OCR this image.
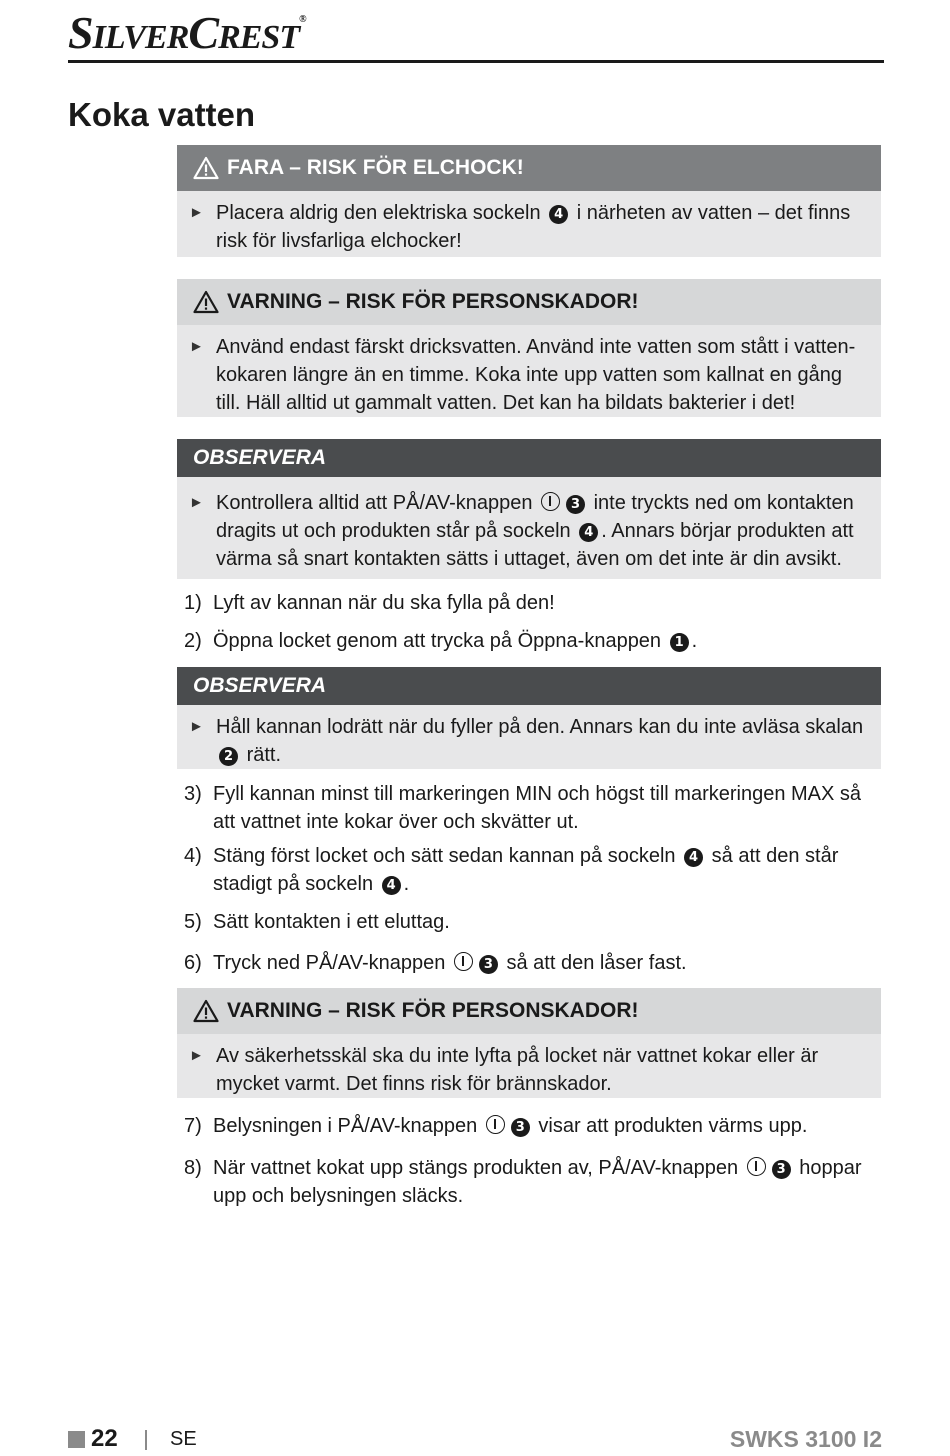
SILVERCREST®
Koka vatten
FARA – RISK FÖR ELCHOCK!
► Placera aldrig den elektriska sockeln 4 i närheten av vatten – det finns risk för livsfarliga elchocker!
VARNING – RISK FÖR PERSONSKADOR!
► Använd endast färskt dricksvatten. Använd inte vatten som stått i vattenkokaren längre än en timme. Koka inte upp vatten som kallnat en gång till. Häll alltid ut gammalt vatten. Det kan ha bildats bakterier i det!
OBSERVERA
► Kontrollera alltid att PÅ/AV-knappen	3 inte tryckts ned om kontakten dragits ut och produkten står på sockeln 4 . Annars börjar produkten att värma så snart kontakten sätts i uttaget, även om det inte är din avsikt.
1) Lyft av kannan när du ska fylla på den!
2) Öppna locket genom att trycka på Öppna-knappen 1 .
OBSERVERA
► Håll kannan lodrätt när du fyller på den. Annars kan du inte avläsa skalan 2 rätt.
3) Fyll kannan minst till markeringen MIN och högst till markeringen MAX så att vattnet inte kokar över och skvätter ut.
4) Stäng först locket och sätt sedan kannan på sockeln 4 så att den står stadigt på sockeln 4 .
5) Sätt kontakten i ett eluttag.
6) Tryck ned PÅ/AV-knappen	3 så att den låser fast.
VARNING – RISK FÖR PERSONSKADOR!
► Av säkerhetsskäl ska du inte lyfta på locket när vattnet kokar eller är mycket varmt. Det finns risk för brännskador.
7) Belysningen i PÅ/AV-knappen	3 visar att produkten värms upp.
8) När vattnet kokat upp stängs produkten av, PÅ/AV-knappen	3 hoppar upp och belysningen släcks.
22	SE	SWKS 3100 I2
